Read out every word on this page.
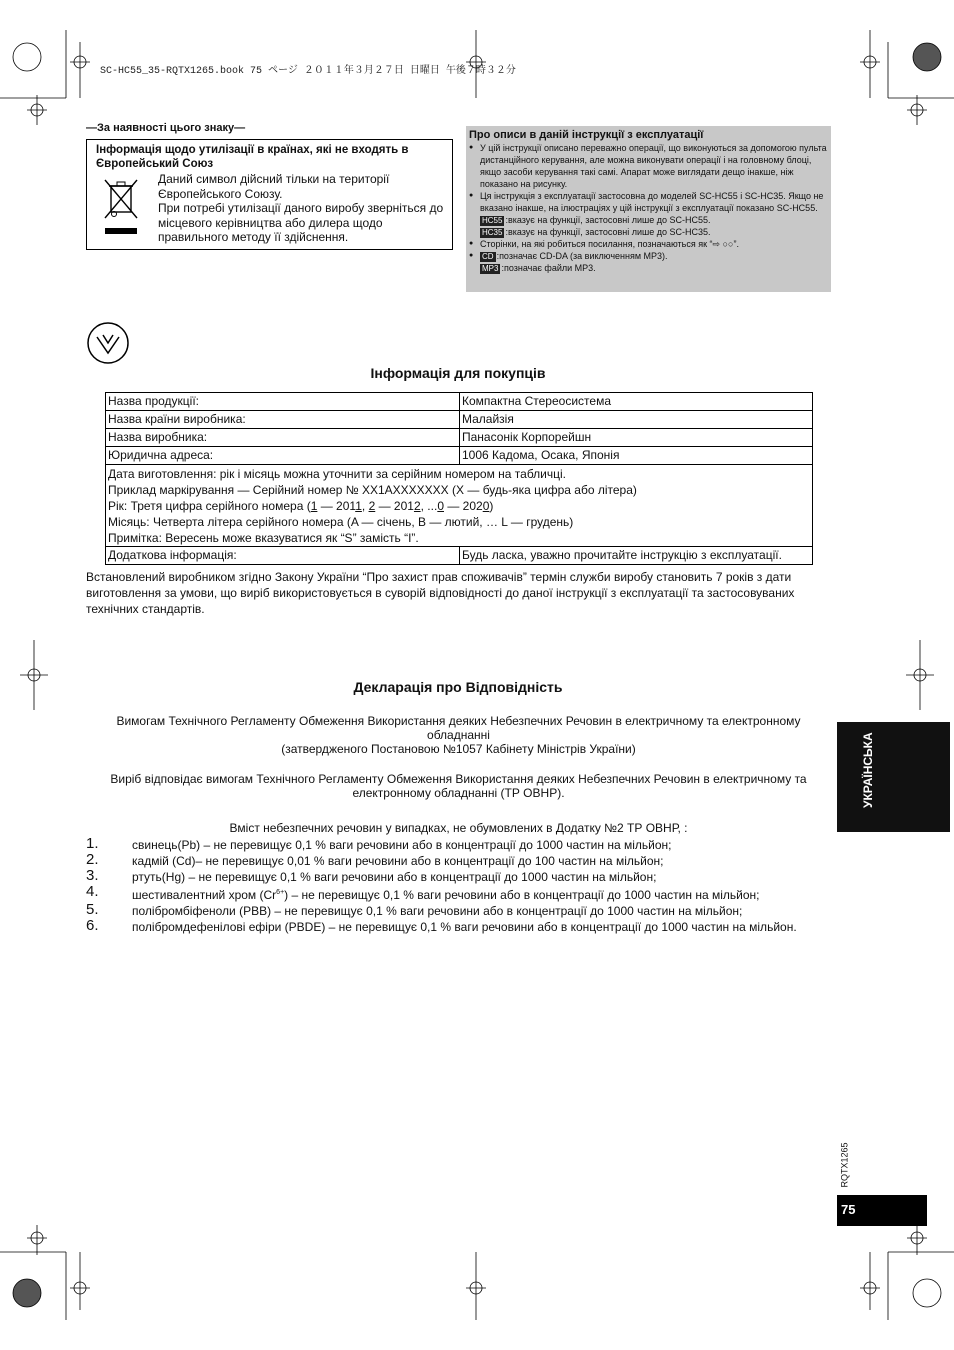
SC-HC55_35-RQTX1265.book 75 ページ ２０１１年３月２７日 日曜日 午後７時３２分
—За наявності цього знаку—
Інформація щодо утилізації в країнах, які не входять в Європейський Союз

Даний символ дійсний тільки на території Європейського Союзу.

При потребі утилізації даного виробу зверніться до місцевого керівництва або дилера щодо правильного методу її здійснення.

Про описи в даній інструкції з експлуатації
● У цій інструкції описано переважно операції, що виконуються за допомогою пульта дистанційного керування, але можна виконувати операції і на головному блоці, якщо засоби керування такі самі. Апарат може виглядати дещо інакше, ніж показано на рисунку.
● Ця інструкція з експлуатації застосовна до моделей SC-HC55 і SC-HC35. Якщо не вказано інакше, на ілюстраціях у цій інструкції з експлуатації показано SC-HC55.
HC55 :вказує на функції, застосовні лише до SC-HC55.
HC35 :вказує на функції, застосовні лише до SC-HC35.
● Сторінки, на які робиться посилання, позначаються як “⇨ ○○”.
● CD :позначає CD-DA (за виключенням MP3).
MP3 :позначає файли MP3.
Інформація для покупців
Назва продукції:	Компактна Стереосистема
Назва країни виробника:	Малайзія
Назва виробника:	Панасонік Корпорейшн
Юридична адреса:	1006 Кадома, Осака, Японія

Дата виготовлення: рік і місяць можна уточнити за серійним номером на табличці.
Приклад маркірування — Серійний номер № XX1AXXXXXXX (X — будь-яка цифра або літера)
Рік: Третя цифра серійного номера (1 — 2011, 2 — 2012, ...0 — 2020)
Місяць: Четверта літера серійного номера (A — січень, B — лютий, … L — грудень)
Примітка: Вересень може вказуватися як “S” замість “I”.	

Додаткова інформація:	Будь ласка, уважно прочитайте інструкцію з експлуатації.
Встановлений виробником згідно Закону України “Про захист прав споживачів” термін служби виробу становить 7 років з дати виготовлення за умови, що виріб використовується в суворій відповідності до даної інструкції з експлуатації та застосовуваних технічних стандартів.
Декларація про Відповідність
Вимогам Технічного Регламенту Обмеження Використання деяких Небезпечних Речовин в електричному та електронному обладнанні
(затвердженого Постановою №1057 Кабінету Міністрів України)
Виріб відповідає вимогам Технічного Регламенту Обмеження Використання деяких Небезпечних Речовин в електричному та електронному обладнанні (ТР ОВНР).
Вміст небезпечних речовин у випадках, не обумовлених в Додатку №2 ТР ОВНР, :
1.	свинець(Pb) – не перевищує 0,1 % ваги речовини або в концентрації до 1000 частин на мільйон;
2.	кадмій (Cd)– не перевищує 0,01 % ваги речовини або в концентрації до 100 частин на мільйон;
3.	ртуть(Hg) – не перевищує 0,1 % ваги речовини або в концентрації до 1000 частин на мільйон;
4.	шестивалентний хром $(Cr^{6+})$ – не перевищує 0,1 % ваги речовини або в концентрації до 1000 частин на мільйон;
5.	полібромбіфеноли (PBB) – не перевищує 0,1 % ваги речовини або в концентрації до 1000 частин на мільйон;
6.	полібромдефенілові ефіри (PBDE) – не перевищує 0,1 % ваги речовини або в концентрації до 1000 частин на мільйон.
УКРАЇНСЬКА
RQTX1265
75
